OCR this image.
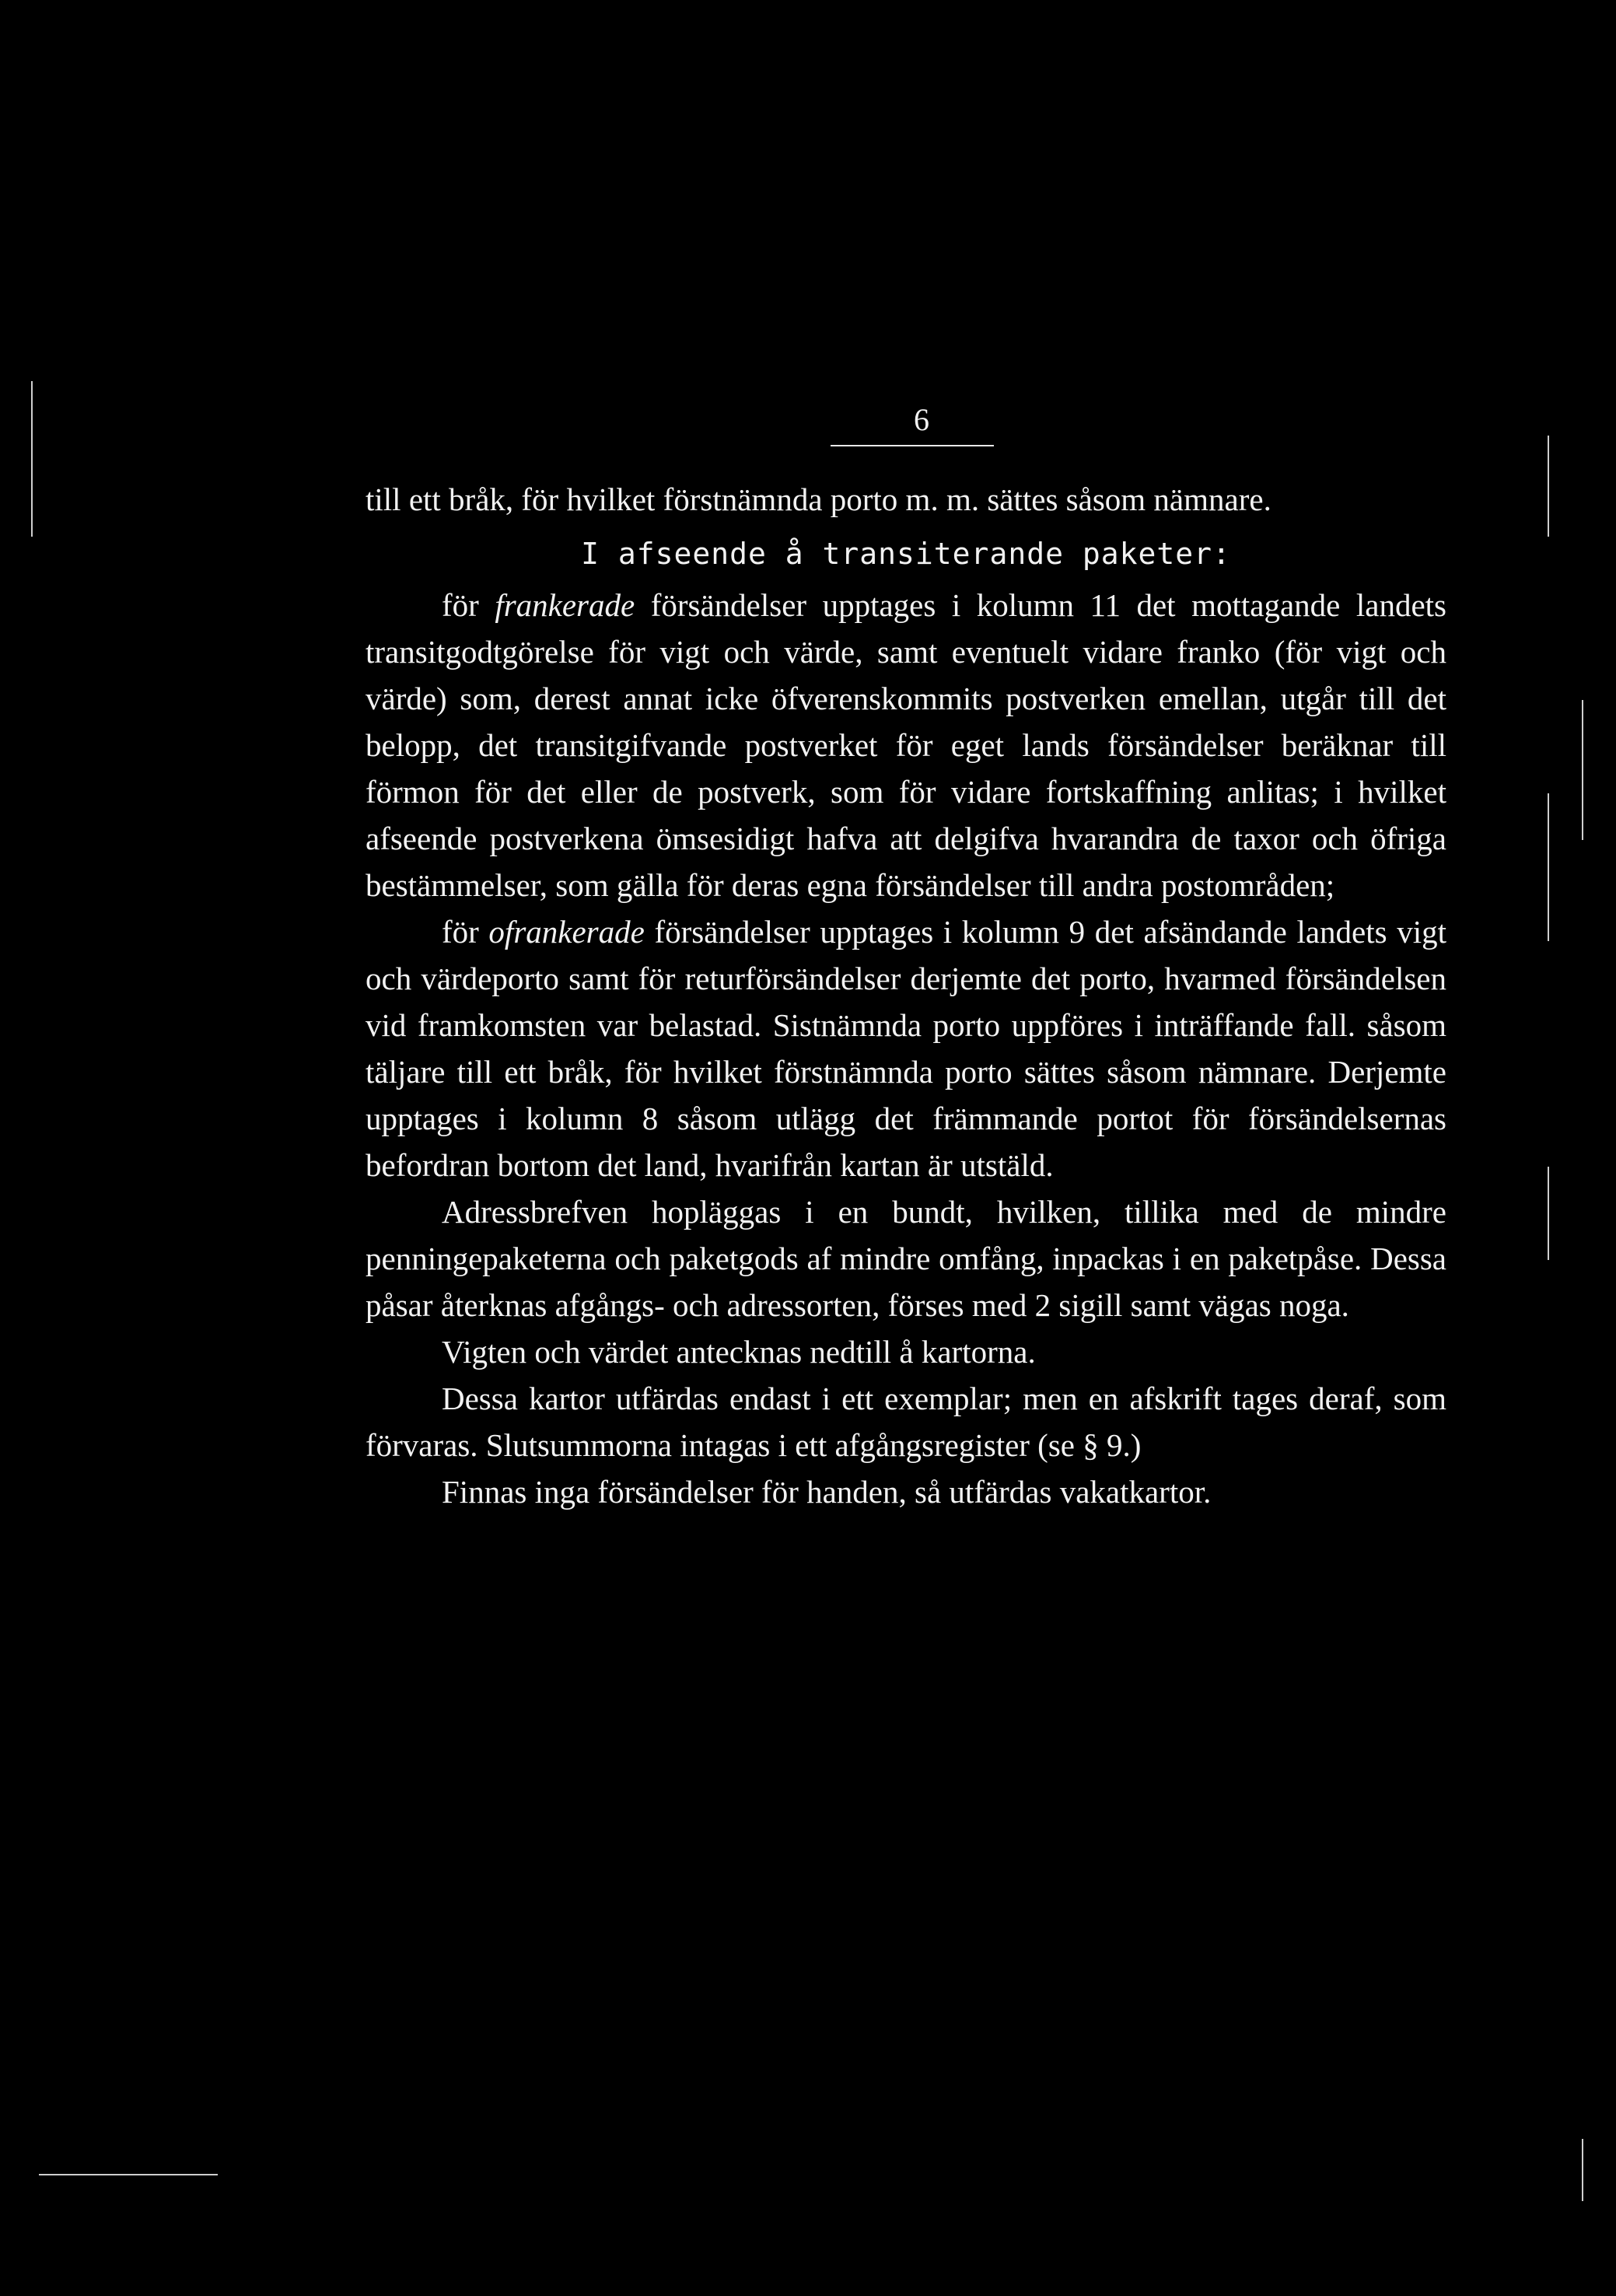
6

till ett bråk, för hvilket förstnämnda porto m. m. sättes såsom nämnare.

I afseende å transiterande paketer:

för frankerade försändelser upptages i kolumn 11 det mottagande landets transitgodtgörelse för vigt och värde, samt eventuelt vidare franko (för vigt och värde) som, derest annat icke öfverenskommits postverken emellan, utgår till det belopp, det transitgifvande postverket för eget lands försändelser beräknar till förmon för det eller de postverk, som för vidare fortskaffning anlitas; i hvilket afseende postverkena ömsesidigt hafva att delgifva hvarandra de taxor och öfriga bestämmelser, som gälla för deras egna försändelser till andra postområden;

för ofrankerade försändelser upptages i kolumn 9 det afsändande landets vigt och värdeporto samt för returförsändelser derjemte det porto, hvarmed försändelsen vid framkomsten var belastad. Sistnämnda porto uppföres i inträffande fall. såsom täljare till ett bråk, för hvilket förstnämnda porto sättes såsom nämnare. Derjemte upptages i kolumn 8 såsom utlägg det främmande portot för försändelsernas befordran bortom det land, hvarifrån kartan är utstäld.

Adressbrefven hopläggas i en bundt, hvilken, tillika med de mindre penningepaketerna och paketgods af mindre omfång, inpackas i en paketpåse. Dessa påsar återknas afgångs- och adressorten, förses med 2 sigill samt vägas noga.

Vigten och värdet antecknas nedtill å kartorna.

Dessa kartor utfärdas endast i ett exemplar; men en afskrift tages deraf, som förvaras. Slutsummorna intagas i ett afgångsregister (se § 9.)

Finnas inga försändelser för handen, så utfärdas vakatkartor.
